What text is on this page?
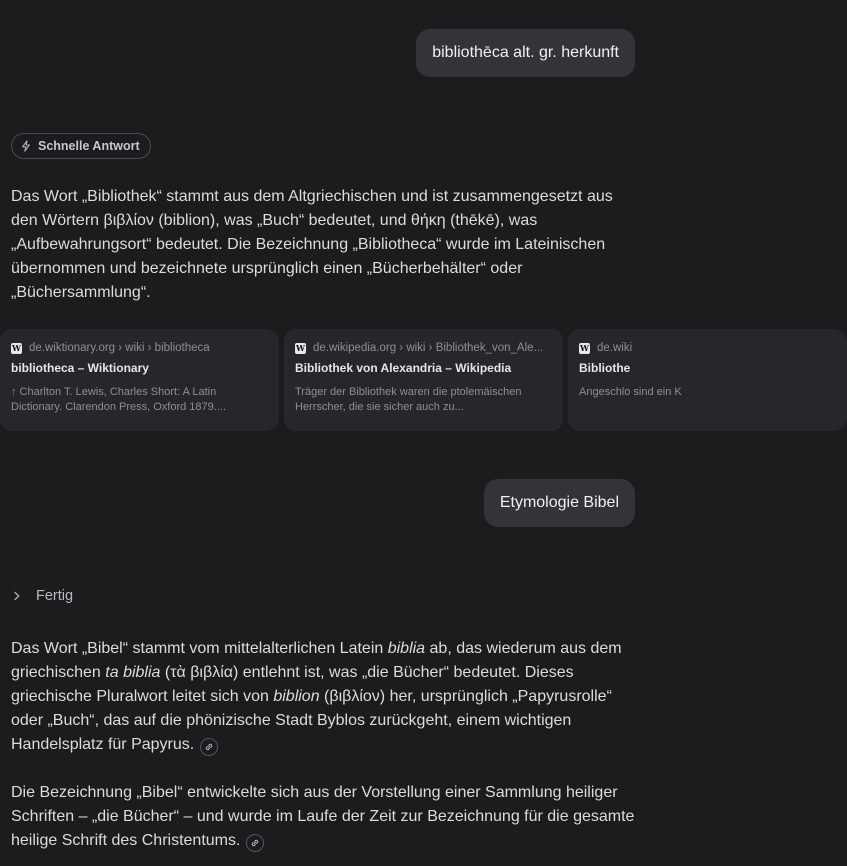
bibliothēca alt. gr. herkunft
Schnelle Antwort

Das Wort „Bibliothek“ stammt aus dem Altgriechischen und ist zusammengesetzt aus den Wörtern βιβλίον (biblion), was „Buch“ bedeutet, und θήκη (thēkē), was „Aufbewahrungsort“ bedeutet. Die Bezeichnung „Bibliotheca“ wurde im Lateinischen übernommen und bezeichnete ursprünglich einen „Bücherbehälter“ oder „Büchersammlung“.

W de.wiktionary.org › wiki › bibliotheca
bibliotheca – Wiktionary
↑ Charlton T. Lewis, Charles Short: A Latin Dictionary. Clarendon Press, Oxford 1879....
W de.wikipedia.org › wiki › Bibliothek_von_Ale...
Bibliothek von Alexandria – Wikipedia
Träger der Bibliothek waren die ptolemäischen Herrscher, die sie sicher auch zu...
W de.wiki
Bibliothe
Angeschlo sind ein K
Etymologie Bibel
Fertig

Das Wort „Bibel“ stammt vom mittelalterlichen Latein biblia ab, das wiederum aus dem griechischen ta biblia (τὰ βιβλία) entlehnt ist, was „die Bücher“ bedeutet. Dieses griechische Pluralwort leitet sich von biblion (βιβλίον) her, ursprünglich „Papyrusrolle“ oder „Buch“, das auf die phönizische Stadt Byblos zurückgeht, einem wichtigen Handelsplatz für Papyrus.

Die Bezeichnung „Bibel“ entwickelte sich aus der Vorstellung einer Sammlung heiliger Schriften – „die Bücher“ – und wurde im Laufe der Zeit zur Bezeichnung für die gesamte heilige Schrift des Christentums.
